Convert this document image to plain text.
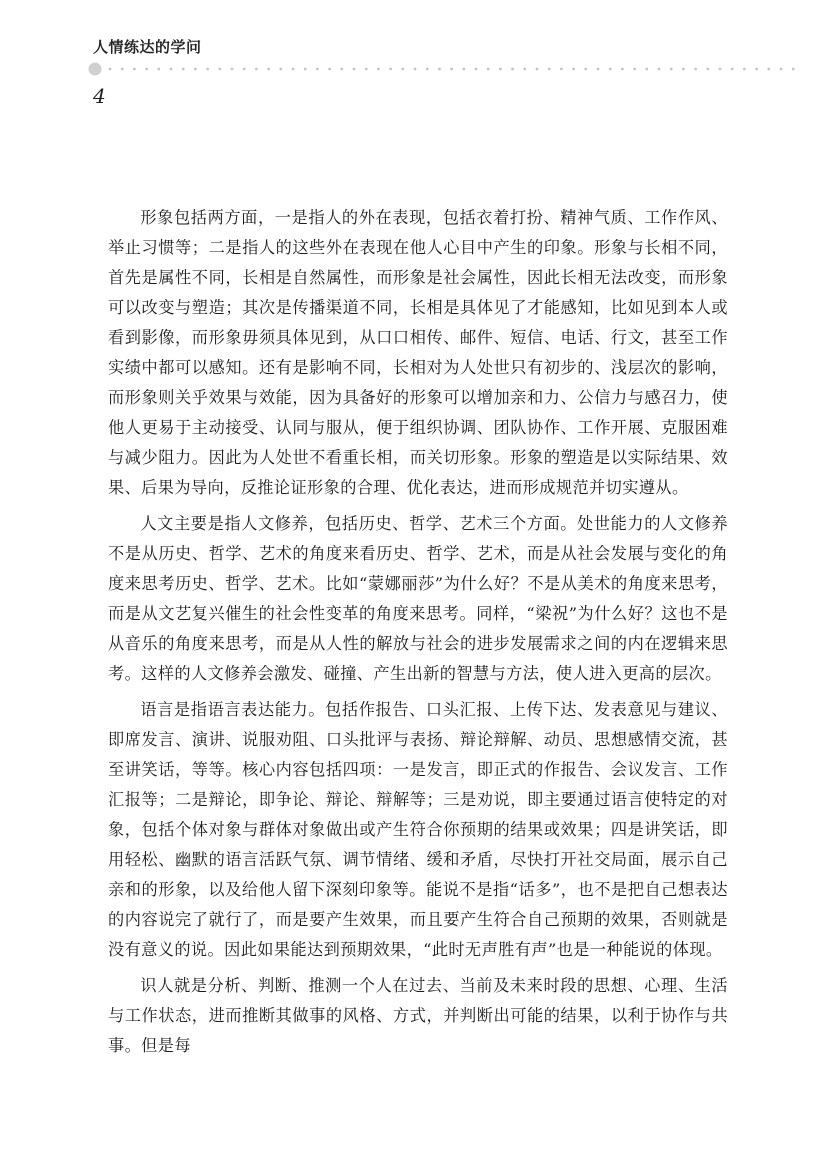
人情练达的学问
4

形象包括两方面，一是指人的外在表现，包括衣着打扮、精神气质、工作作风、举止习惯等；二是指人的这些外在表现在他人心目中产生的印象。形象与长相不同，首先是属性不同，长相是自然属性，而形象是社会属性，因此长相无法改变，而形象可以改变与塑造；其次是传播渠道不同，长相是具体见了才能感知，比如见到本人或看到影像，而形象毋须具体见到，从口口相传、邮件、短信、电话、行文，甚至工作实绩中都可以感知。还有是影响不同，长相对为人处世只有初步的、浅层次的影响，而形象则关乎效果与效能，因为具备好的形象可以增加亲和力、公信力与感召力，使他人更易于主动接受、认同与服从，便于组织协调、团队协作、工作开展、克服困难与减少阻力。因此为人处世不看重长相，而关切形象。形象的塑造是以实际结果、效果、后果为导向，反推论证形象的合理、优化表达，进而形成规范并切实遵从。

人文主要是指人文修养，包括历史、哲学、艺术三个方面。处世能力的人文修养不是从历史、哲学、艺术的角度来看历史、哲学、艺术，而是从社会发展与变化的角度来思考历史、哲学、艺术。比如“蒙娜丽莎”为什么好？不是从美术的角度来思考，而是从文艺复兴催生的社会性变革的角度来思考。同样，“梁祝”为什么好？这也不是从音乐的角度来思考，而是从人性的解放与社会的进步发展需求之间的内在逻辑来思考。这样的人文修养会激发、碰撞、产生出新的智慧与方法，使人进入更高的层次。

语言是指语言表达能力。包括作报告、口头汇报、上传下达、发表意见与建议、即席发言、演讲、说服劝阻、口头批评与表扬、辩论辩解、动员、思想感情交流，甚至讲笑话，等等。核心内容包括四项：一是发言，即正式的作报告、会议发言、工作汇报等；二是辩论，即争论、辩论、辩解等；三是劝说，即主要通过语言使特定的对象，包括个体对象与群体对象做出或产生符合你预期的结果或效果；四是讲笑话，即用轻松、幽默的语言活跃气氛、调节情绪、缓和矛盾，尽快打开社交局面，展示自己亲和的形象，以及给他人留下深刻印象等。能说不是指“话多”，也不是把自己想表达的内容说完了就行了，而是要产生效果，而且要产生符合自己预期的效果，否则就是没有意义的说。因此如果能达到预期效果，“此时无声胜有声”也是一种能说的体现。

识人就是分析、判断、推测一个人在过去、当前及未来时段的思想、心理、生活与工作状态，进而推断其做事的风格、方式，并判断出可能的结果，以利于协作与共事。但是每
